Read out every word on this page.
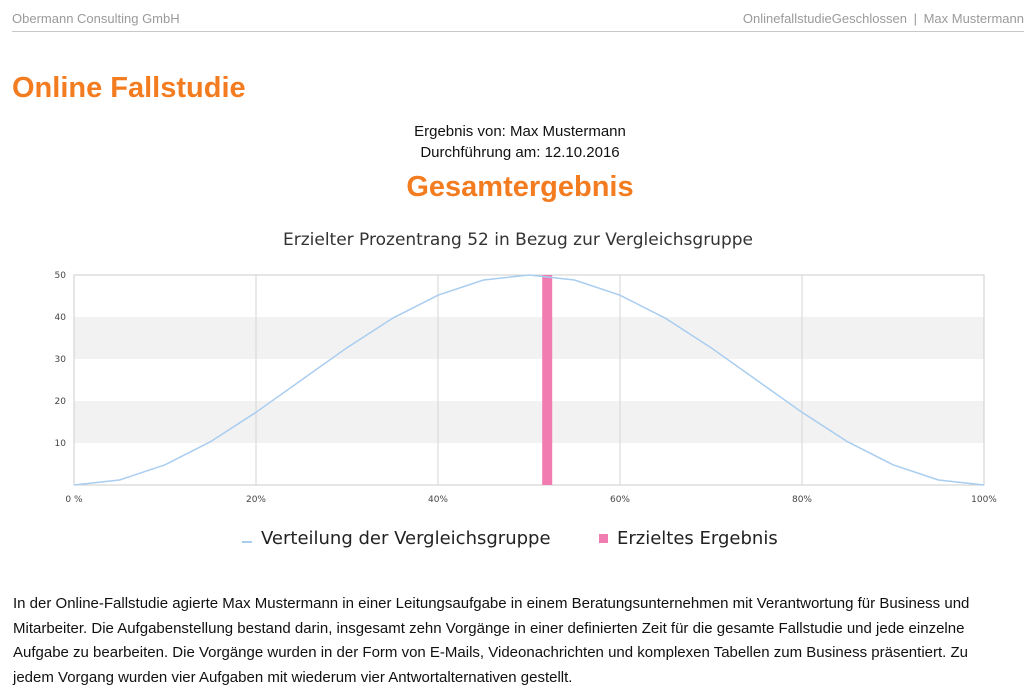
Obermann Consulting GmbH	OnlinefallstudieGeschlossen | Max Mustermann
Online Fallstudie
Ergebnis von: Max Mustermann
Durchführung am: 12.10.2016
Gesamtergebnis
Erzielter Prozentrang 52 in Bezug zur Vergleichsgruppe
10
20
30
40
50
0 %	20%	40%	60%	80%	100%
Verteilung der Vergleichsgruppe	Erzieltes Ergebnis

In der Online-Fallstudie agierte Max Mustermann in einer Leitungsaufgabe in einem Beratungsunternehmen mit Verantwortung für Business und Mitarbeiter. Die Aufgabenstellung bestand darin, insgesamt zehn Vorgänge in einer definierten Zeit für die gesamte Fallstudie und jede einzelne Aufgabe zu bearbeiten. Die Vorgänge wurden in der Form von E-Mails, Videonachrichten und komplexen Tabellen zum Business präsentiert. Zu jedem Vorgang wurden vier Aufgaben mit wiederum vier Antwortalternativen gestellt.
